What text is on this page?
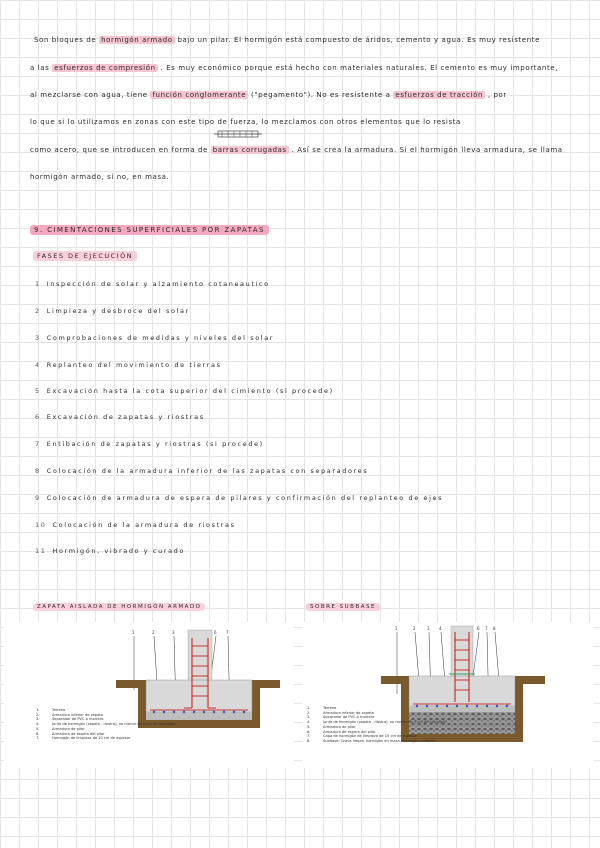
Son bloques de hormigón armado bajo un pilar. El hormigón está compuesto de áridos, cemento y agua. Es muy resistente
a las esfuerzos de compresión . Es muy económico porque está hecho con materiales naturales. El cemento es muy importante,
al mezclarse con agua, tiene función conglomerante ("pegamento"). No es resistente a esfuerzos de tracción , por
lo que si lo utilizamos en zonas con este tipo de fuerza, lo mezclamos con otros elementos que lo resista
como acero, que se introducen en forma de barras corrugadas . Así se crea la armadura. Si el hormigón lleva armadura, se llama
hormigón armado, si no, en masa.
9. CIMENTACIONES SUPERFICIALES POR ZAPATAS
FASES DE EJECUCIÓN
1 Inspección de solar y alzamiento cotaneautico
2 Limpieza y desbroce del solar
3 Comprobaciones de medidas y niveles del solar
4 Replanteo del movimiento de tierras
5 Excavación hasta la cota superior del cimiento (si procede)
6 Excavación de zapatas y riostras
7 Entibación de zapatas y riostras (si procede)
8 Colocación de la armadura inferior de las zapatas con separadores
9 Colocación de armadura de espera de pilares y confirmación del replanteo de ejes
10 Colocación de la armadura de riostras
11 Hormigón, vibrado y curado
ZAPATA AISLADA DE HORMIGÓN ARMADO	SOBRE SUBBASE
1	2	3	6 7
1.	Terreno
2.	Armadura inferior de zapata
3.	Separador de PVC o mortero
4.	Junta de hormigón (zapata - riostra), no menor de 5 cm de hormigón
5.	Armadura de pilar
6.	Armadura de espera del pilar
7.	Hormigón de limpieza de 10 cm de espesor
1	2	3 4	6 7 8
1.	Terreno
2.	Armadura inferior de zapata
3.	Separador de PVC o mortero
4.	Junta de hormigón (zapata - riostra), no menor de 5 cm de hormigón
5.	Armadura de pilar
6.	Armadura de espera del pilar
7.	Capa de hormigón de limpieza de 10 cm de espesor
8.	Subbase: Grava limpia, hormigón en masa, hormigón ciclópeo
